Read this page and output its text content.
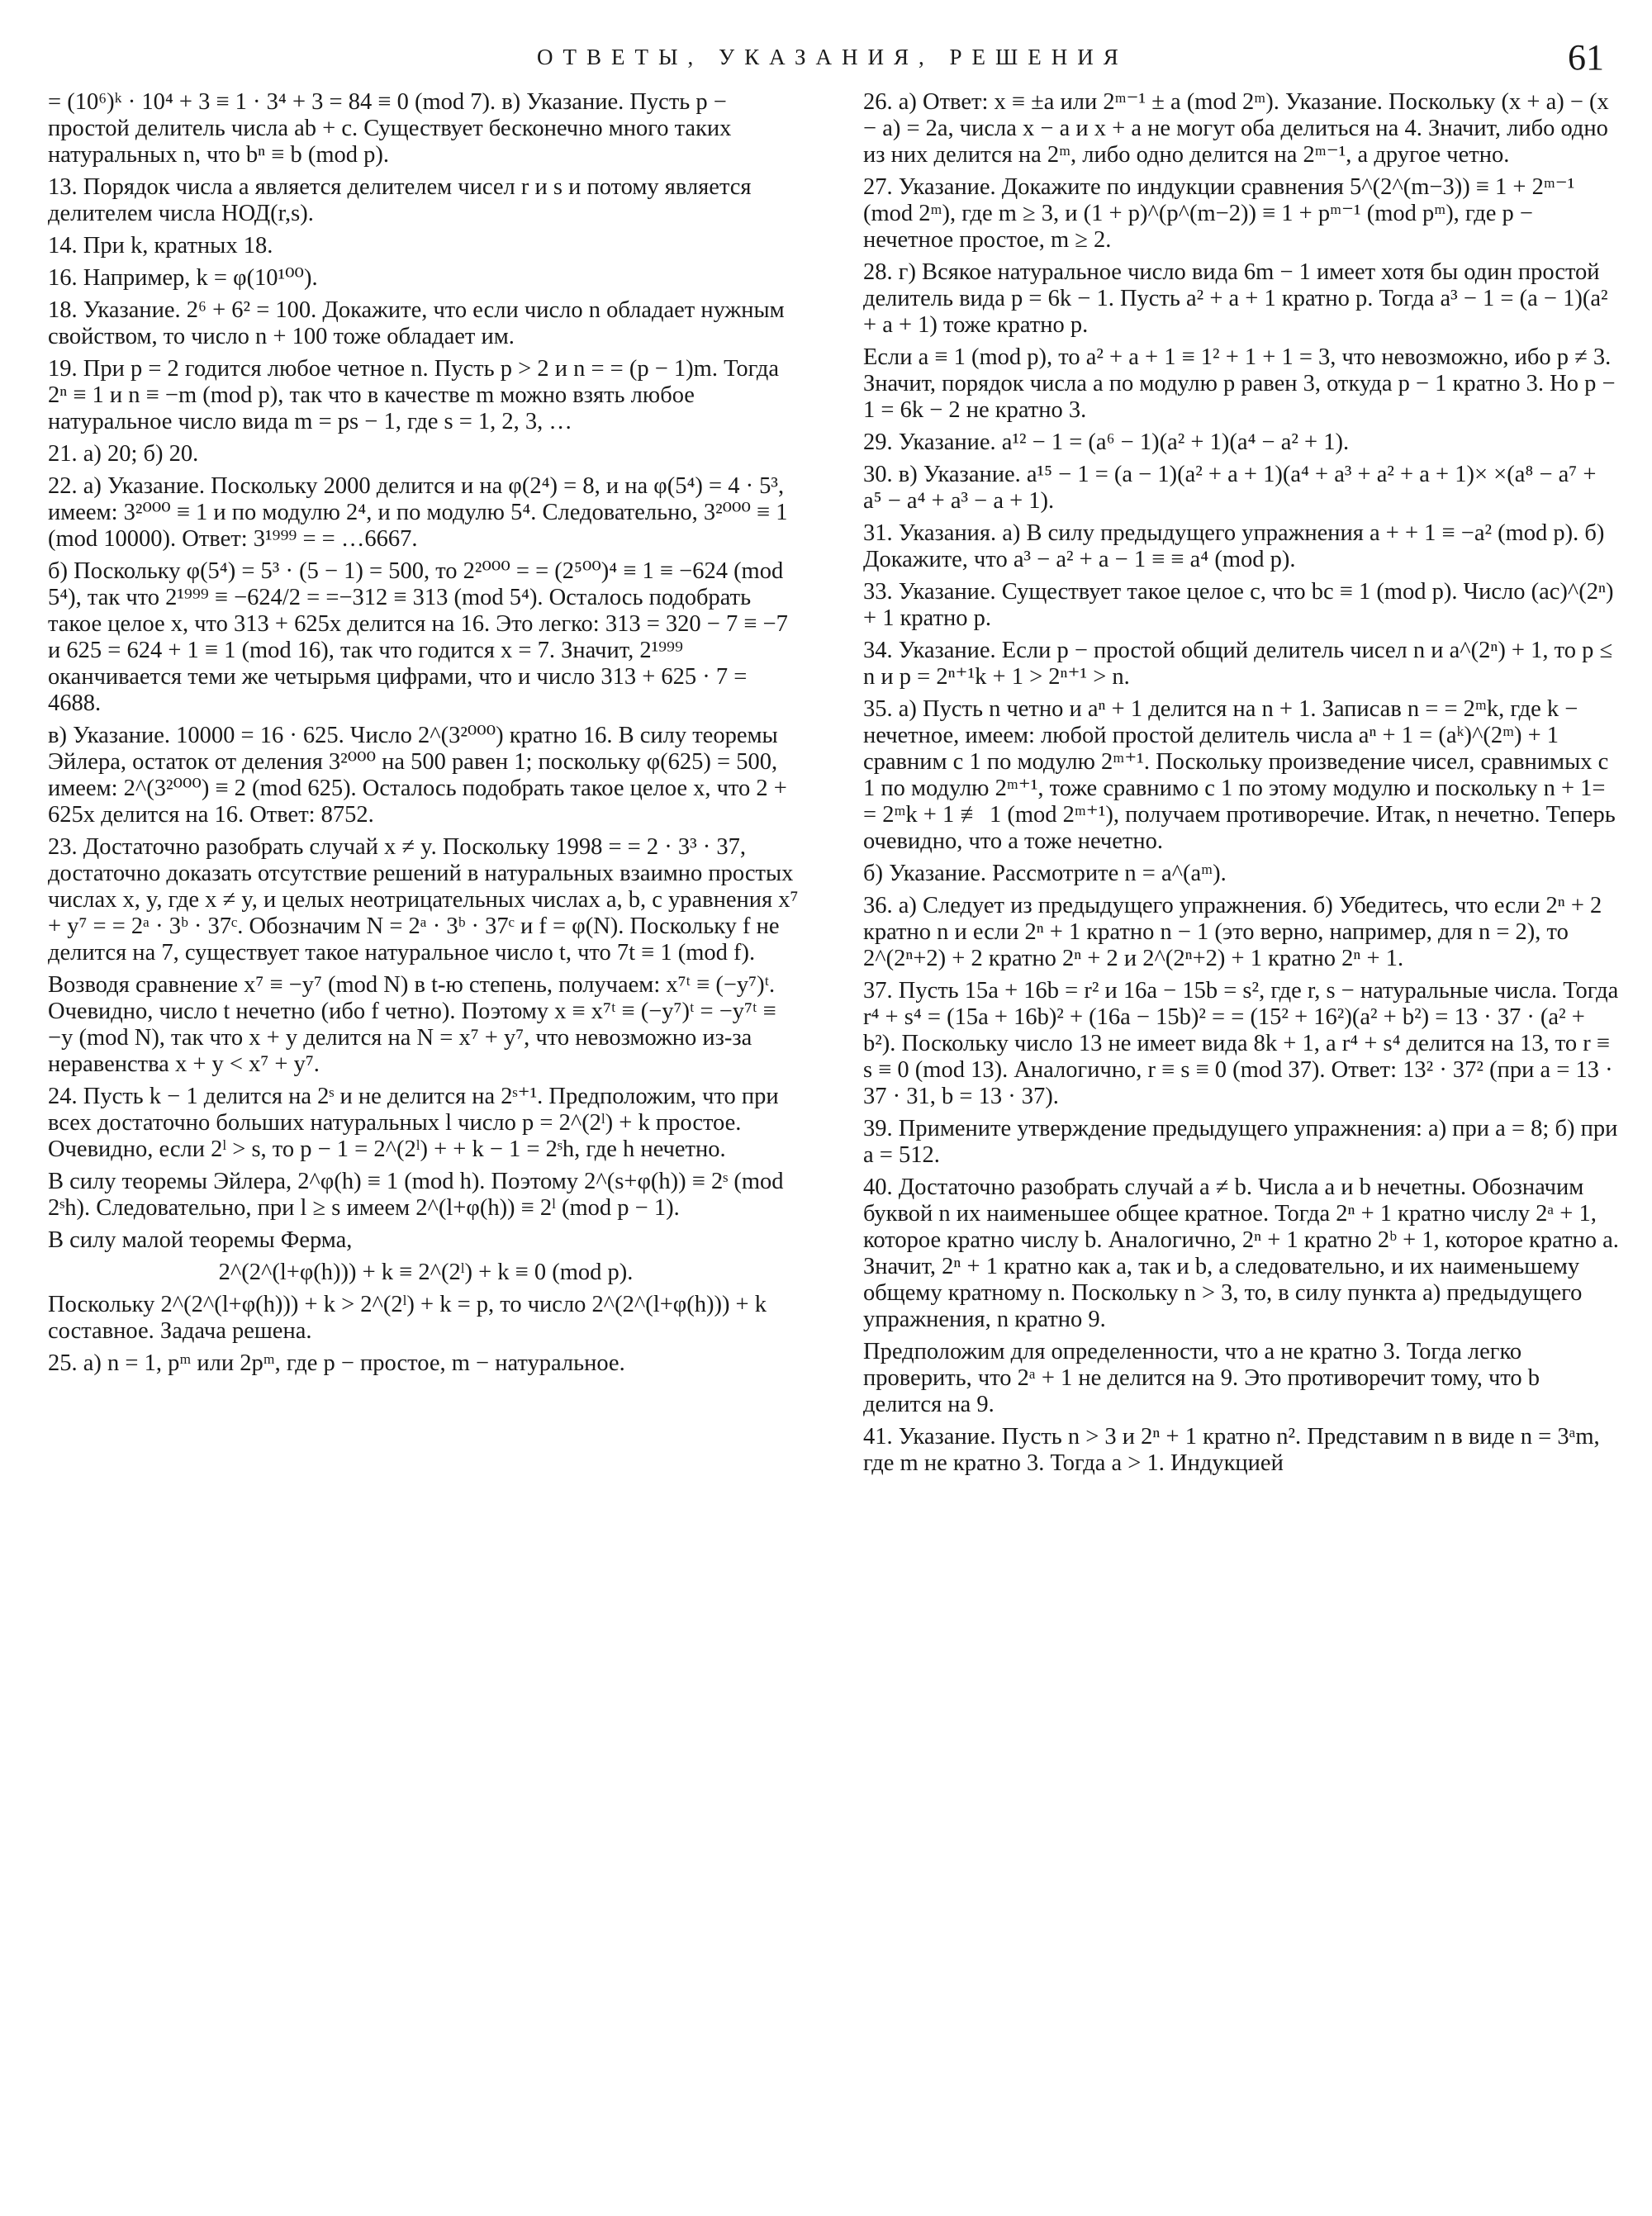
ОТВЕТЫ, УКАЗАНИЯ, РЕШЕНИЯ	61

= (10⁶)ᵏ · 10⁴ + 3 ≡ 1 · 3⁴ + 3 = 84 ≡ 0 (mod 7). в) Указание. Пусть p − простой делитель числа ab + c. Существует бесконечно много таких натуральных n, что bⁿ ≡ b (mod p).

13. Порядок числа a является делителем чисел r и s и потому является делителем числа НОД(r,s).

14. При k, кратных 18.

16. Например, k = φ(10¹⁰⁰).

18. Указание. 2⁶ + 6² = 100. Докажите, что если число n обладает нужным свойством, то число n + 100 тоже обладает им.

19. При p = 2 годится любое четное n. Пусть p > 2 и n = = (p − 1)m. Тогда 2ⁿ ≡ 1 и n ≡ −m (mod p), так что в качестве m можно взять любое натуральное число вида m = ps − 1, где s = 1, 2, 3, …

21. а) 20; б) 20.

22. а) Указание. Поскольку 2000 делится и на φ(2⁴) = 8, и на φ(5⁴) = 4 · 5³, имеем: 3²⁰⁰⁰ ≡ 1 и по модулю 2⁴, и по модулю 5⁴. Следовательно, 3²⁰⁰⁰ ≡ 1 (mod 10000). Ответ: 3¹⁹⁹⁹ = = …6667.

б) Поскольку φ(5⁴) = 5³ · (5 − 1) = 500, то 2²⁰⁰⁰ = = (2⁵⁰⁰)⁴ ≡ 1 ≡ −624 (mod 5⁴), так что 2¹⁹⁹⁹ ≡ −624/2 = =−312 ≡ 313 (mod 5⁴). Осталось подобрать такое целое x, что 313 + 625x делится на 16. Это легко: 313 = 320 − 7 ≡ −7 и 625 = 624 + 1 ≡ 1 (mod 16), так что годится x = 7. Значит, 2¹⁹⁹⁹ оканчивается теми же четырьмя цифрами, что и число 313 + 625 · 7 = 4688.

в) Указание. 10000 = 16 · 625. Число 2^(3²⁰⁰⁰) кратно 16. В силу теоремы Эйлера, остаток от деления 3²⁰⁰⁰ на 500 равен 1; поскольку φ(625) = 500, имеем: 2^(3²⁰⁰⁰) ≡ 2 (mod 625). Осталось подобрать такое целое x, что 2 + 625x делится на 16. Ответ: 8752.

23. Достаточно разобрать случай x ≠ y. Поскольку 1998 = = 2 · 3³ · 37, достаточно доказать отсутствие решений в натуральных взаимно простых числах x, y, где x ≠ y, и целых неотрицательных числах a, b, c уравнения x⁷ + y⁷ = = 2ᵃ · 3ᵇ · 37ᶜ. Обозначим N = 2ᵃ · 3ᵇ · 37ᶜ и f = φ(N). Поскольку f не делится на 7, существует такое натуральное число t, что 7t ≡ 1 (mod f).

Возводя сравнение x⁷ ≡ −y⁷ (mod N) в t-ю степень, получаем: x⁷ᵗ ≡ (−y⁷)ᵗ. Очевидно, число t нечетно (ибо f четно). Поэтому x ≡ x⁷ᵗ ≡ (−y⁷)ᵗ = −y⁷ᵗ ≡ −y (mod N), так что x + y делится на N = x⁷ + y⁷, что невозможно из-за неравенства x + y < x⁷ + y⁷.

24. Пусть k − 1 делится на 2ˢ и не делится на 2ˢ⁺¹. Предположим, что при всех достаточно больших натуральных l число p = 2^(2ˡ) + k простое. Очевидно, если 2ˡ > s, то p − 1 = 2^(2ˡ) + + k − 1 = 2ˢh, где h нечетно.

В силу теоремы Эйлера, 2^φ(h) ≡ 1 (mod h). Поэтому 2^(s+φ(h)) ≡ 2ˢ (mod 2ˢh). Следовательно, при l ≥ s имеем 2^(l+φ(h)) ≡ 2ˡ (mod p − 1).

В силу малой теоремы Ферма,

2^(2^(l+φ(h))) + k ≡ 2^(2ˡ) + k ≡ 0 (mod p).

Поскольку 2^(2^(l+φ(h))) + k > 2^(2ˡ) + k = p, то число 2^(2^(l+φ(h))) + k составное. Задача решена.

25. а) n = 1, pᵐ или 2pᵐ, где p − простое, m − натуральное.

26. а) Ответ: x ≡ ±a или 2ᵐ⁻¹ ± a (mod 2ᵐ). Указание. Поскольку (x + a) − (x − a) = 2a, числа x − a и x + a не могут оба делиться на 4. Значит, либо одно из них делится на 2ᵐ, либо одно делится на 2ᵐ⁻¹, а другое четно.

27. Указание. Докажите по индукции сравнения 5^(2^(m−3)) ≡ 1 + 2ᵐ⁻¹ (mod 2ᵐ), где m ≥ 3, и (1 + p)^(p^(m−2)) ≡ 1 + pᵐ⁻¹ (mod pᵐ), где p − нечетное простое, m ≥ 2.

28. г) Всякое натуральное число вида 6m − 1 имеет хотя бы один простой делитель вида p = 6k − 1. Пусть a² + a + 1 кратно p. Тогда a³ − 1 = (a − 1)(a² + a + 1) тоже кратно p.

Если a ≡ 1 (mod p), то a² + a + 1 ≡ 1² + 1 + 1 = 3, что невозможно, ибо p ≠ 3. Значит, порядок числа a по модулю p равен 3, откуда p − 1 кратно 3. Но p − 1 = 6k − 2 не кратно 3.

29. Указание. a¹² − 1 = (a⁶ − 1)(a² + 1)(a⁴ − a² + 1).

30. в) Указание. a¹⁵ − 1 = (a − 1)(a² + a + 1)(a⁴ + a³ + a² + a + 1)× ×(a⁸ − a⁷ + a⁵ − a⁴ + a³ − a + 1).

31. Указания. а) В силу предыдущего упражнения a + + 1 ≡ −a² (mod p). б) Докажите, что a³ − a² + a − 1 ≡ ≡ a⁴ (mod p).

33. Указание. Существует такое целое c, что bc ≡ 1 (mod p). Число (ac)^(2ⁿ) + 1 кратно p.

34. Указание. Если p − простой общий делитель чисел n и a^(2ⁿ) + 1, то p ≤ n и p = 2ⁿ⁺¹k + 1 > 2ⁿ⁺¹ > n.

35. а) Пусть n четно и aⁿ + 1 делится на n + 1. Записав n = = 2ᵐk, где k − нечетное, имеем: любой простой делитель числа aⁿ + 1 = (aᵏ)^(2ᵐ) + 1 сравним с 1 по модулю 2ᵐ⁺¹. Поскольку произведение чисел, сравнимых с 1 по модулю 2ᵐ⁺¹, тоже сравнимо с 1 по этому модулю и поскольку n + 1= = 2ᵐk + 1 ≢ 1 (mod 2ᵐ⁺¹), получаем противоречие. Итак, n нечетно. Теперь очевидно, что a тоже нечетно.

б) Указание. Рассмотрите n = a^(aᵐ).

36. а) Следует из предыдущего упражнения. б) Убедитесь, что если 2ⁿ + 2 кратно n и если 2ⁿ + 1 кратно n − 1 (это верно, например, для n = 2), то 2^(2ⁿ+2) + 2 кратно 2ⁿ + 2 и 2^(2ⁿ+2) + 1 кратно 2ⁿ + 1.

37. Пусть 15a + 16b = r² и 16a − 15b = s², где r, s − натуральные числа. Тогда r⁴ + s⁴ = (15a + 16b)² + (16a − 15b)² = = (15² + 16²)(a² + b²) = 13 · 37 · (a² + b²). Поскольку число 13 не имеет вида 8k + 1, а r⁴ + s⁴ делится на 13, то r ≡ s ≡ 0 (mod 13). Аналогично, r ≡ s ≡ 0 (mod 37). Ответ: 13² · 37² (при a = 13 · 37 · 31, b = 13 · 37).

39. Примените утверждение предыдущего упражнения: а) при a = 8; б) при a = 512.

40. Достаточно разобрать случай a ≠ b. Числа a и b нечетны. Обозначим буквой n их наименьшее общее кратное. Тогда 2ⁿ + 1 кратно числу 2ᵃ + 1, которое кратно числу b. Аналогично, 2ⁿ + 1 кратно 2ᵇ + 1, которое кратно a. Значит, 2ⁿ + 1 кратно как a, так и b, а следовательно, и их наименьшему общему кратному n. Поскольку n > 3, то, в силу пункта а) предыдущего упражнения, n кратно 9.

Предположим для определенности, что a не кратно 3. Тогда легко проверить, что 2ᵃ + 1 не делится на 9. Это противоречит тому, что b делится на 9.

41. Указание. Пусть n > 3 и 2ⁿ + 1 кратно n². Представим n в виде n = 3ᵃm, где m не кратно 3. Тогда a > 1. Индукцией
